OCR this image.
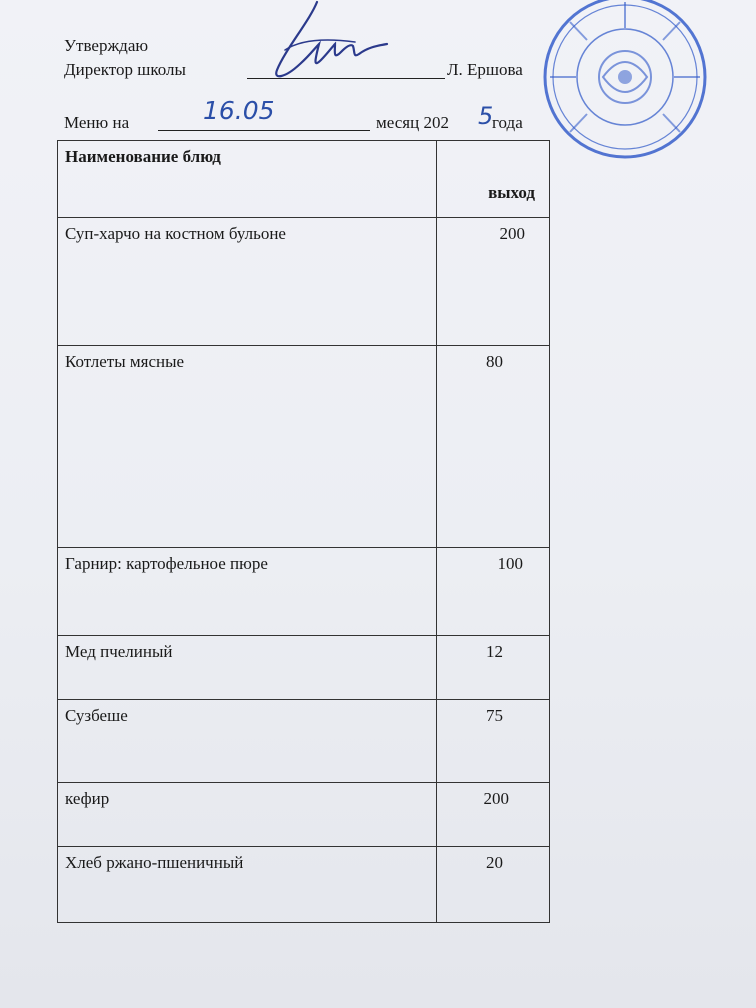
Утверждаю
Директор школы	Л. Ершова
Меню на	16.05	месяц 202 5
года
Наименование блюд	выход
Суп-харчо на костном бульоне	200
Котлеты мясные	80
Гарнир: картофельное пюре	100
Мед пчелиный	12
Сузбеше	75
кефир	200
Хлеб ржано-пшеничный	20
